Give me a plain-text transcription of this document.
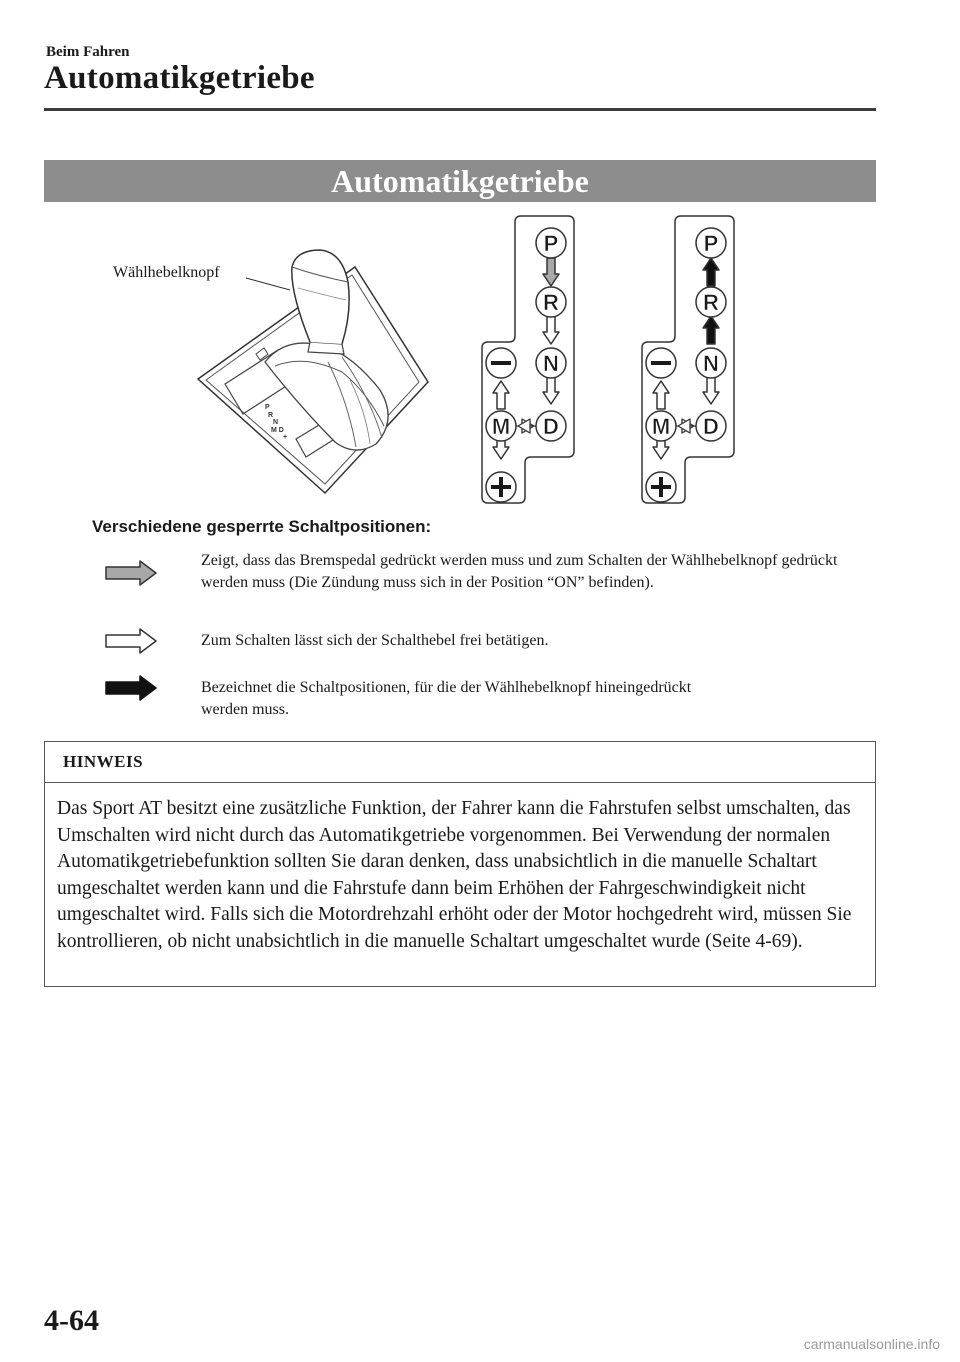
Beim Fahren
Automatikgetriebe
Automatikgetriebe
Wählhebelknopf
P
R
N
M D
+
P
R
N
D
M
P
R
N
D
M
Verschiedene gesperrte Schaltpositionen:
Zeigt, dass das Bremspedal gedrückt werden muss und zum Schalten der Wählhebelknopf gedrückt werden muss (Die Zündung muss sich in der Position “ON” befinden).
Zum Schalten lässt sich der Schalthebel frei betätigen.
Bezeichnet die Schaltpositionen, für die der Wählhebelknopf hineingedrückt werden muss.
HINWEIS
Das Sport AT besitzt eine zusätzliche Funktion, der Fahrer kann die Fahrstufen selbst umschalten, das Umschalten wird nicht durch das Automatikgetriebe vorgenommen. Bei Verwendung der normalen Automatikgetriebefunktion sollten Sie daran denken, dass unabsichtlich in die manuelle Schaltart umgeschaltet werden kann und die Fahrstufe dann beim Erhöhen der Fahrgeschwindigkeit nicht umgeschaltet wird. Falls sich die Motordrehzahl erhöht oder der Motor hochgedreht wird, müssen Sie kontrollieren, ob nicht unabsichtlich in die manuelle Schaltart umgeschaltet wurde (Seite 4-69).
4-64
carmanualsonline.info
